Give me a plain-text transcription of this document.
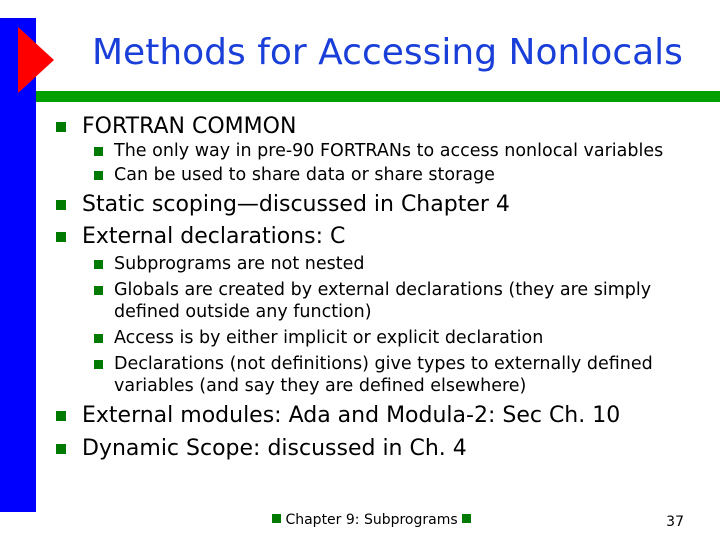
Methods for Accessing Nonlocals
FORTRAN COMMON
The only way in pre-90 FORTRANs to access nonlocal variables
Can be used to share data or share storage
Static scoping—discussed in Chapter 4
External declarations: C
Subprograms are not nested
Globals are created by external declarations (they are simply
defined outside any function)
Access is by either implicit or explicit declaration
Declarations (not definitions) give types to externally defined
variables (and say they are defined elsewhere)
External modules: Ada and Modula-2: Sec Ch. 10
Dynamic Scope: discussed in Ch. 4
Chapter 9: Subprograms	37
